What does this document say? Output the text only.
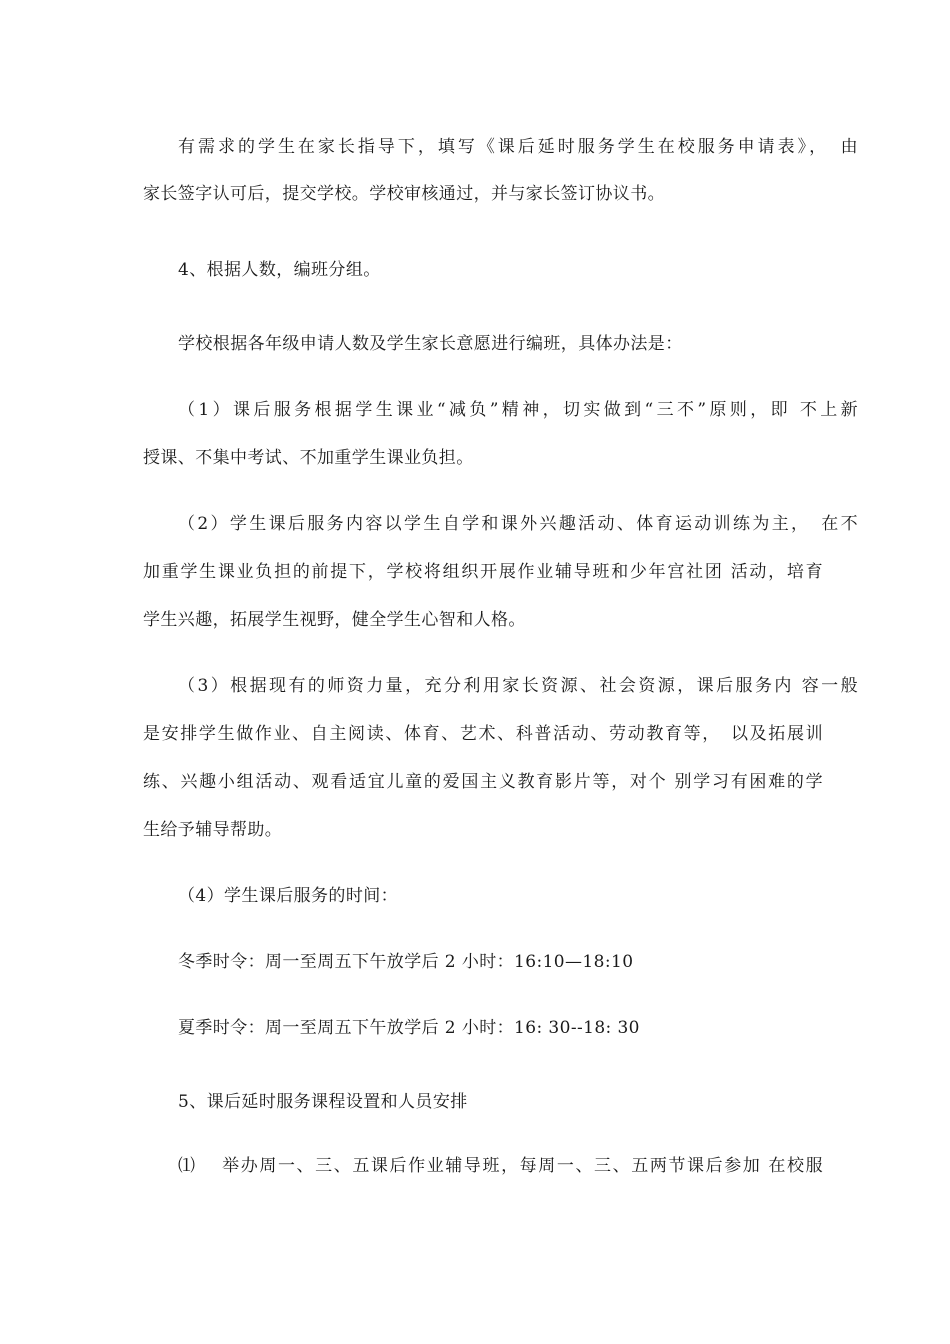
有需求的学生在家长指导下，填写《课后延时服务学生在校服务申请表》，　由
家长签字认可后，提交学校。学校审核通过，并与家长签订协议书。
4、根据人数，编班分组。
学校根据各年级申请人数及学生家长意愿进行编班，具体办法是：
（1）课后服务根据学生课业“减负”精神，切实做到“三不”原则，即 不上新
授课、不集中考试、不加重学生课业负担。
（2）学生课后服务内容以学生自学和课外兴趣活动、体育运动训练为主，　在不
加重学生课业负担的前提下，学校将组织开展作业辅导班和少年宫社团 活动，培育
学生兴趣，拓展学生视野，健全学生心智和人格。
（3）根据现有的师资力量，充分利用家长资源、社会资源，课后服务内 容一般
是安排学生做作业、自主阅读、体育、艺术、科普活动、劳动教育等，　以及拓展训
练、兴趣小组活动、观看适宜儿童的爱国主义教育影片等，对个 别学习有困难的学
生给予辅导帮助。
（4）学生课后服务的时间：
冬季时令：周一至周五下午放学后 2 小时：16:10—18:10
夏季时令：周一至周五下午放学后 2 小时：16: 30--18: 30
5、课后延时服务课程设置和人员安排
⑴　 举办周一、三、五课后作业辅导班，每周一、三、五两节课后参加 在校服
